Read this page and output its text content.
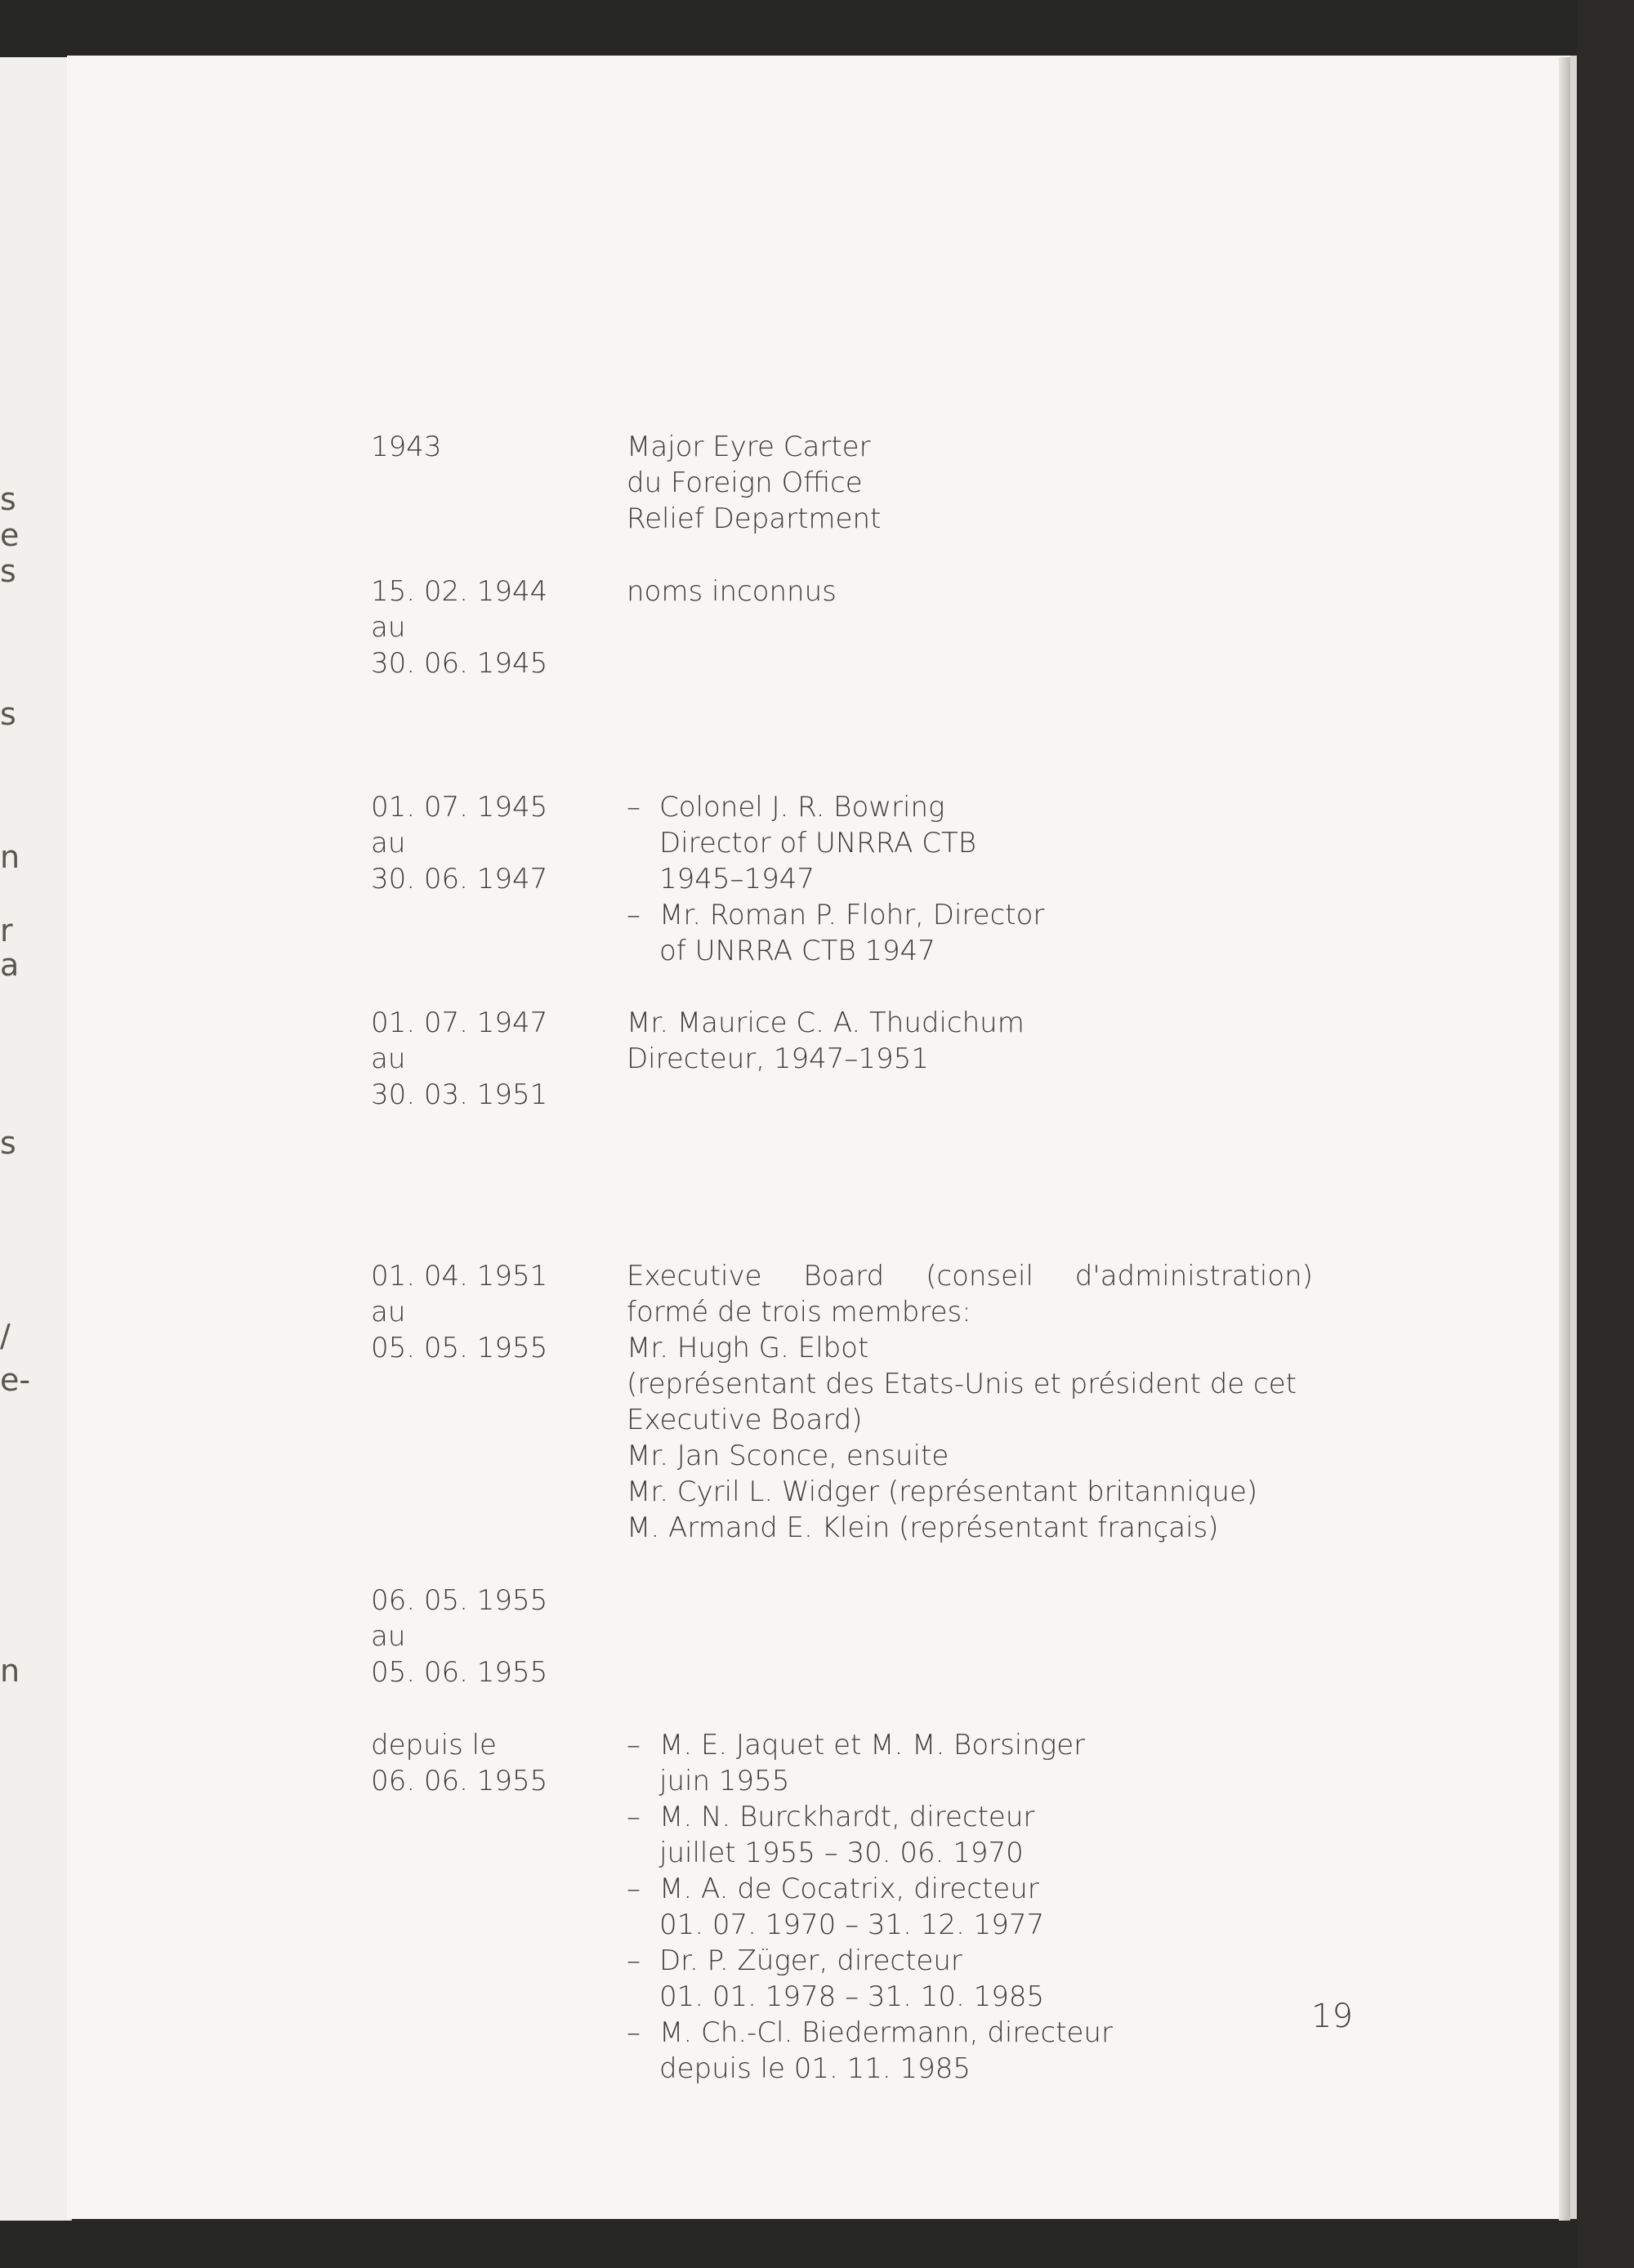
s
e
s
s
n
r
a
s
/
e-
n
1943	Major Eyre Carter
du Foreign Office
Relief Department
15. 02. 1944
au
30. 06. 1945
noms inconnus
01. 07. 1945
au
30. 06. 1947
– Colonel J. R. Bowring
Director of UNRRA CTB
1945–1947
– Mr. Roman P. Flohr, Director
of UNRRA CTB 1947
01. 07. 1947
au
30. 03. 1951
Mr. Maurice C. A. Thudichum
Directeur, 1947–1951
01. 04. 1951
au
05. 05. 1955
Executive Board (conseil d'administration)
formé de trois membres:
Mr. Hugh G. Elbot
(représentant des Etats-Unis et président de cet
Executive Board)
Mr. Jan Sconce, ensuite
Mr. Cyril L. Widger (représentant britannique)
M. Armand E. Klein (représentant français)
06. 05. 1955
au
05. 06. 1955
depuis le
06. 06. 1955
– M. E. Jaquet et M. M. Borsinger
juin 1955
– M. N. Burckhardt, directeur
juillet 1955 – 30. 06. 1970
– M. A. de Cocatrix, directeur
01. 07. 1970 – 31. 12. 1977
– Dr. P. Züger, directeur
01. 01. 1978 – 31. 10. 1985
– M. Ch.-Cl. Biedermann, directeur
depuis le 01. 11. 1985
19
